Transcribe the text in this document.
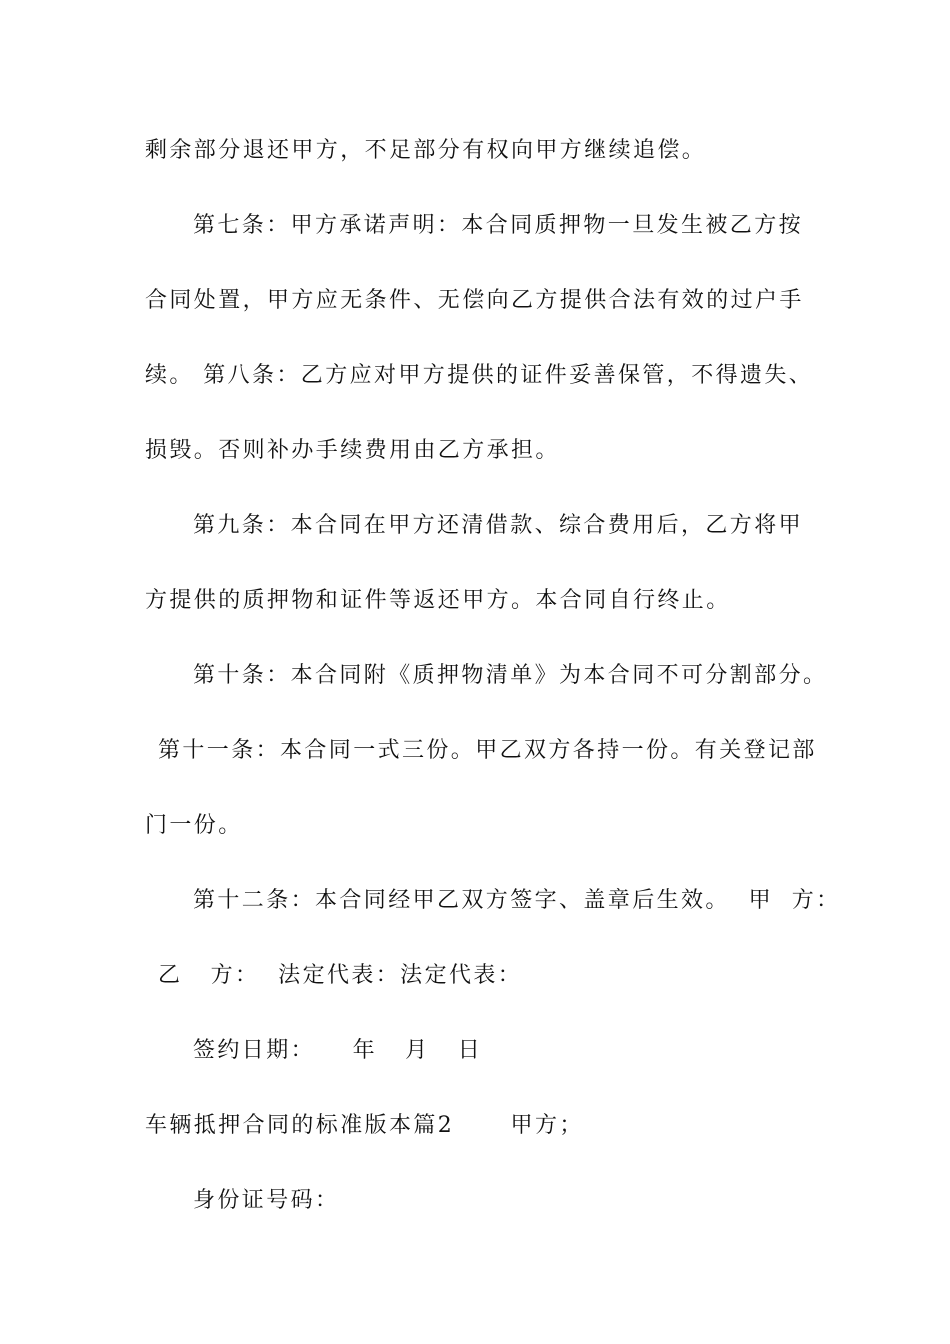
剩余部分退还甲方，不足部分有权向甲方继续追偿。
第七条：甲方承诺声明：本合同质押物一旦发生被乙方按
合同处置，甲方应无条件、无偿向乙方提供合法有效的过户手
续。 第八条：乙方应对甲方提供的证件妥善保管，不得遗失、
损毁。否则补办手续费用由乙方承担。
第九条：本合同在甲方还清借款、综合费用后，乙方将甲
方提供的质押物和证件等返还甲方。本合同自行终止。
第十条：本合同附《质押物清单》为本合同不可分割部分。
第十一条：本合同一式三份。甲乙双方各持一份。有关登记部
门一份。
第十二条：本合同经甲乙双方签字、盖章后生效。  甲  方：
乙   方：  法定代表：法定代表：
签约日期：    年   月   日
车辆抵押合同的标准版本篇2      甲方；
身份证号码：
